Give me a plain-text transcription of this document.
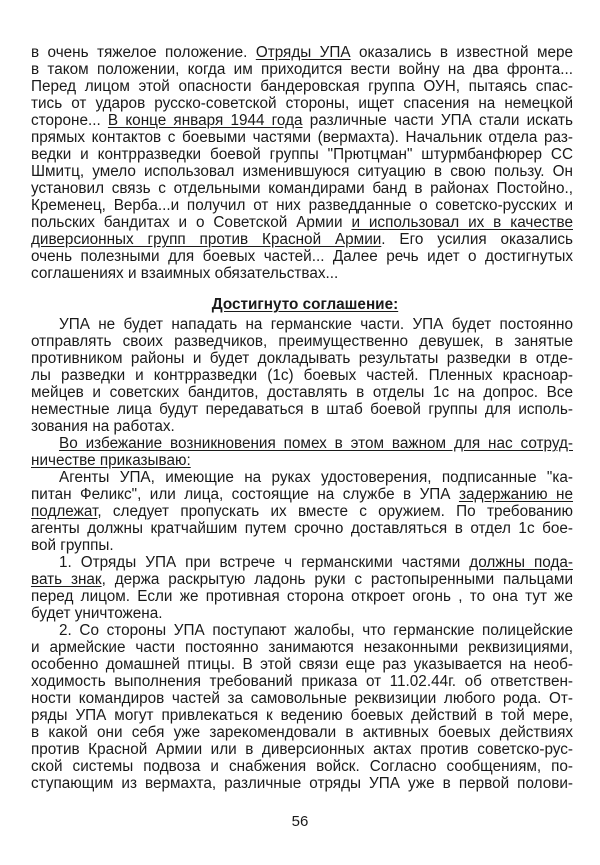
в очень тяжелое положение. Отряды УПА оказались в известной мере
в таком положении, когда им приходится вести войну на два фронта...
Перед лицом этой опасности бандеровская группа ОУН, пытаясь спас-
тись от ударов русско-советской стороны, ищет спасения на немецкой
стороне... В конце января 1944 года различные части УПА стали искать
прямых контактов с боевыми частями (вермахта). Начальник отдела раз-
ведки и контрразведки боевой группы "Прютцман" штурмбанфюрер СС
Шмитц, умело использовал изменившуюся ситуацию в свою пользу. Он
установил связь с отдельными командирами банд в районах Постойно.,
Кременец, Верба...и получил от них разведданные о советско-русских и
польских бандитах и о Советской Армии и использовал их в качестве
диверсионных групп против Красной Армии. Его усилия оказались
очень полезными для боевых частей... Далее речь идет о достигнутых
соглашениях и взаимных обязательствах...
Достигнуто соглашение:
УПА не будет нападать на германские части. УПА будет постоянно
отправлять своих разведчиков, преимущественно девушек, в занятые
противником районы и будет докладывать результаты разведки в отде-
лы разведки и контрразведки (1с) боевых частей. Пленных красноар-
мейцев и советских бандитов, доставлять в отделы 1с на допрос. Все
неместные лица будут передаваться в штаб боевой группы для исполь-
зования на работах.
Во избежание возникновения помех в этом важном для нас сотруд-
ничестве приказываю:
Агенты УПА, имеющие на руках удостоверения, подписанные "ка-
питан Феликс", или лица, состоящие на службе в УПА задержанию не
подлежат, следует пропускать их вместе с оружием. По требованию
агенты должны кратчайшим путем срочно доставляться в отдел 1с бое-
вой группы.
1. Отряды УПА при встрече ч германскими частями должны пода-
вать знак, держа раскрытую ладонь руки с растопыренными пальцами
перед лицом. Если же противная сторона откроет огонь , то она тут же
будет уничтожена.
2. Со стороны УПА поступают жалобы, что германские полицейские
и армейские части постоянно занимаются незаконными реквизициями,
особенно домашней птицы. В этой связи еще раз указывается на необ-
ходимость выполнения требований приказа от 11.02.44г. об ответствен-
ности командиров частей за самовольные реквизиции любого рода. От-
ряды УПА могут привлекаться к ведению боевых действий в той мере,
в какой они себя уже зарекомендовали в активных боевых действиях
против Красной Армии или в диверсионных актах против советско-рус-
ской системы подвоза и снабжения войск. Согласно сообщениям, по-
ступающим из вермахта, различные отряды УПА уже в первой полови-
56
